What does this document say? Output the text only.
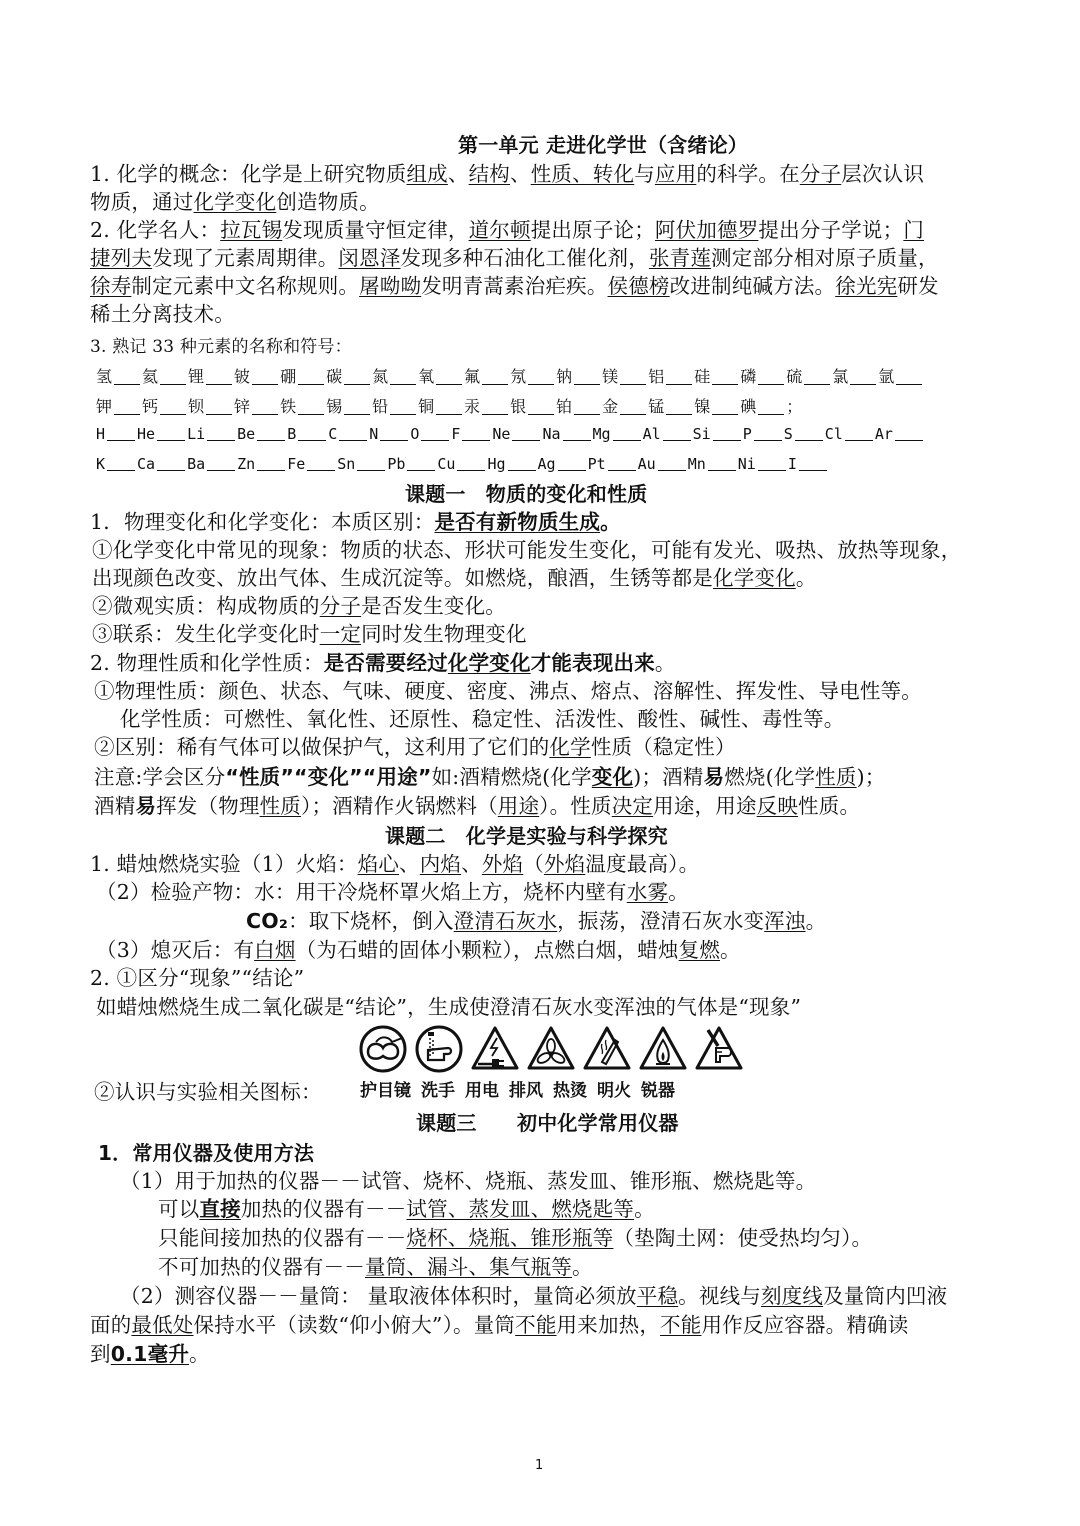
第一单元 走进化学世（含绪论）
1. 化学的概念：化学是上研究物质组成、结构、性质、转化与应用的科学。在分子层次认识
物质，通过化学变化创造物质。
2. 化学名人：拉瓦锡发现质量守恒定律，道尔顿提出原子论；阿伏加德罗提出分子学说；门
捷列夫发现了元素周期律。闵恩泽发现多种石油化工催化剂，张青莲测定部分相对原子质量，
徐寿制定元素中文名称规则。屠呦呦发明青蒿素治疟疾。侯德榜改进制纯碱方法。徐光宪研发
稀土分离技术。
3. 熟记 33 种元素的名称和符号：
氢 氦 锂 铍 硼 碳 氮 氧 氟 氖 钠 镁 铝 硅 磷 硫 氯 氩
钾 钙 钡 锌 铁 锡 铅 铜 汞 银 铂 金 锰 镍 碘 ；
H He Li Be B C N O F Ne Na Mg Al Si P S Cl Ar
K Ca Ba Zn Fe Sn Pb Cu Hg Ag Pt Au Mn Ni I
课题一　物质的变化和性质
1．物理变化和化学变化：本质区别：是否有新物质生成。
①化学变化中常见的现象：物质的状态、形状可能发生变化，可能有发光、吸热、放热等现象，
出现颜色改变、放出气体、生成沉淀等。如燃烧，酿酒，生锈等都是化学变化。
②微观实质：构成物质的分子是否发生变化。
③联系：发生化学变化时一定同时发生物理变化
2. 物理性质和化学性质：是否需要经过化学变化才能表现出来。
①物理性质：颜色、状态、气味、硬度、密度、沸点、熔点、溶解性、挥发性、导电性等。
化学性质：可燃性、氧化性、还原性、稳定性、活泼性、酸性、碱性、毒性等。
②区别：稀有气体可以做保护气，这利用了它们的化学性质（稳定性）
注意:学会区分“性质”“变化”“用途”如:酒精燃烧(化学变化)；酒精易燃烧(化学性质)；
酒精易挥发（物理性质）；酒精作火锅燃料（用途）。性质决定用途，用途反映性质。
课题二　化学是实验与科学探究
1. 蜡烛燃烧实验（1）火焰：焰心、内焰、外焰（外焰温度最高）。
（2）检验产物：水：用干冷烧杯罩火焰上方，烧杯内壁有水雾。
CO₂：取下烧杯，倒入澄清石灰水，振荡，澄清石灰水变浑浊。
（3）熄灭后：有白烟（为石蜡的固体小颗粒），点燃白烟，蜡烛复燃。
2. ①区分“现象”“结论”
如蜡烛燃烧生成二氧化碳是“结论”，生成使澄清石灰水变浑浊的气体是“现象”
②认识与实验相关图标： 护目镜 洗手 用电 排风 热烫 明火 锐器
课题三　　初中化学常用仪器
1．常用仪器及使用方法
（1）用于加热的仪器－－试管、烧杯、烧瓶、蒸发皿、锥形瓶、燃烧匙等。
可以直接加热的仪器有－－试管、蒸发皿、燃烧匙等。
只能间接加热的仪器有－－烧杯、烧瓶、锥形瓶等（垫陶土网：使受热均匀）。
不可加热的仪器有－－量筒、漏斗、集气瓶等。
（2）测容仪器－－量筒： 量取液体体积时，量筒必须放平稳。视线与刻度线及量筒内凹液
面的最低处保持水平（读数“仰小俯大”）。量筒不能用来加热，不能用作反应容器。精确读
到0.1毫升。
1
